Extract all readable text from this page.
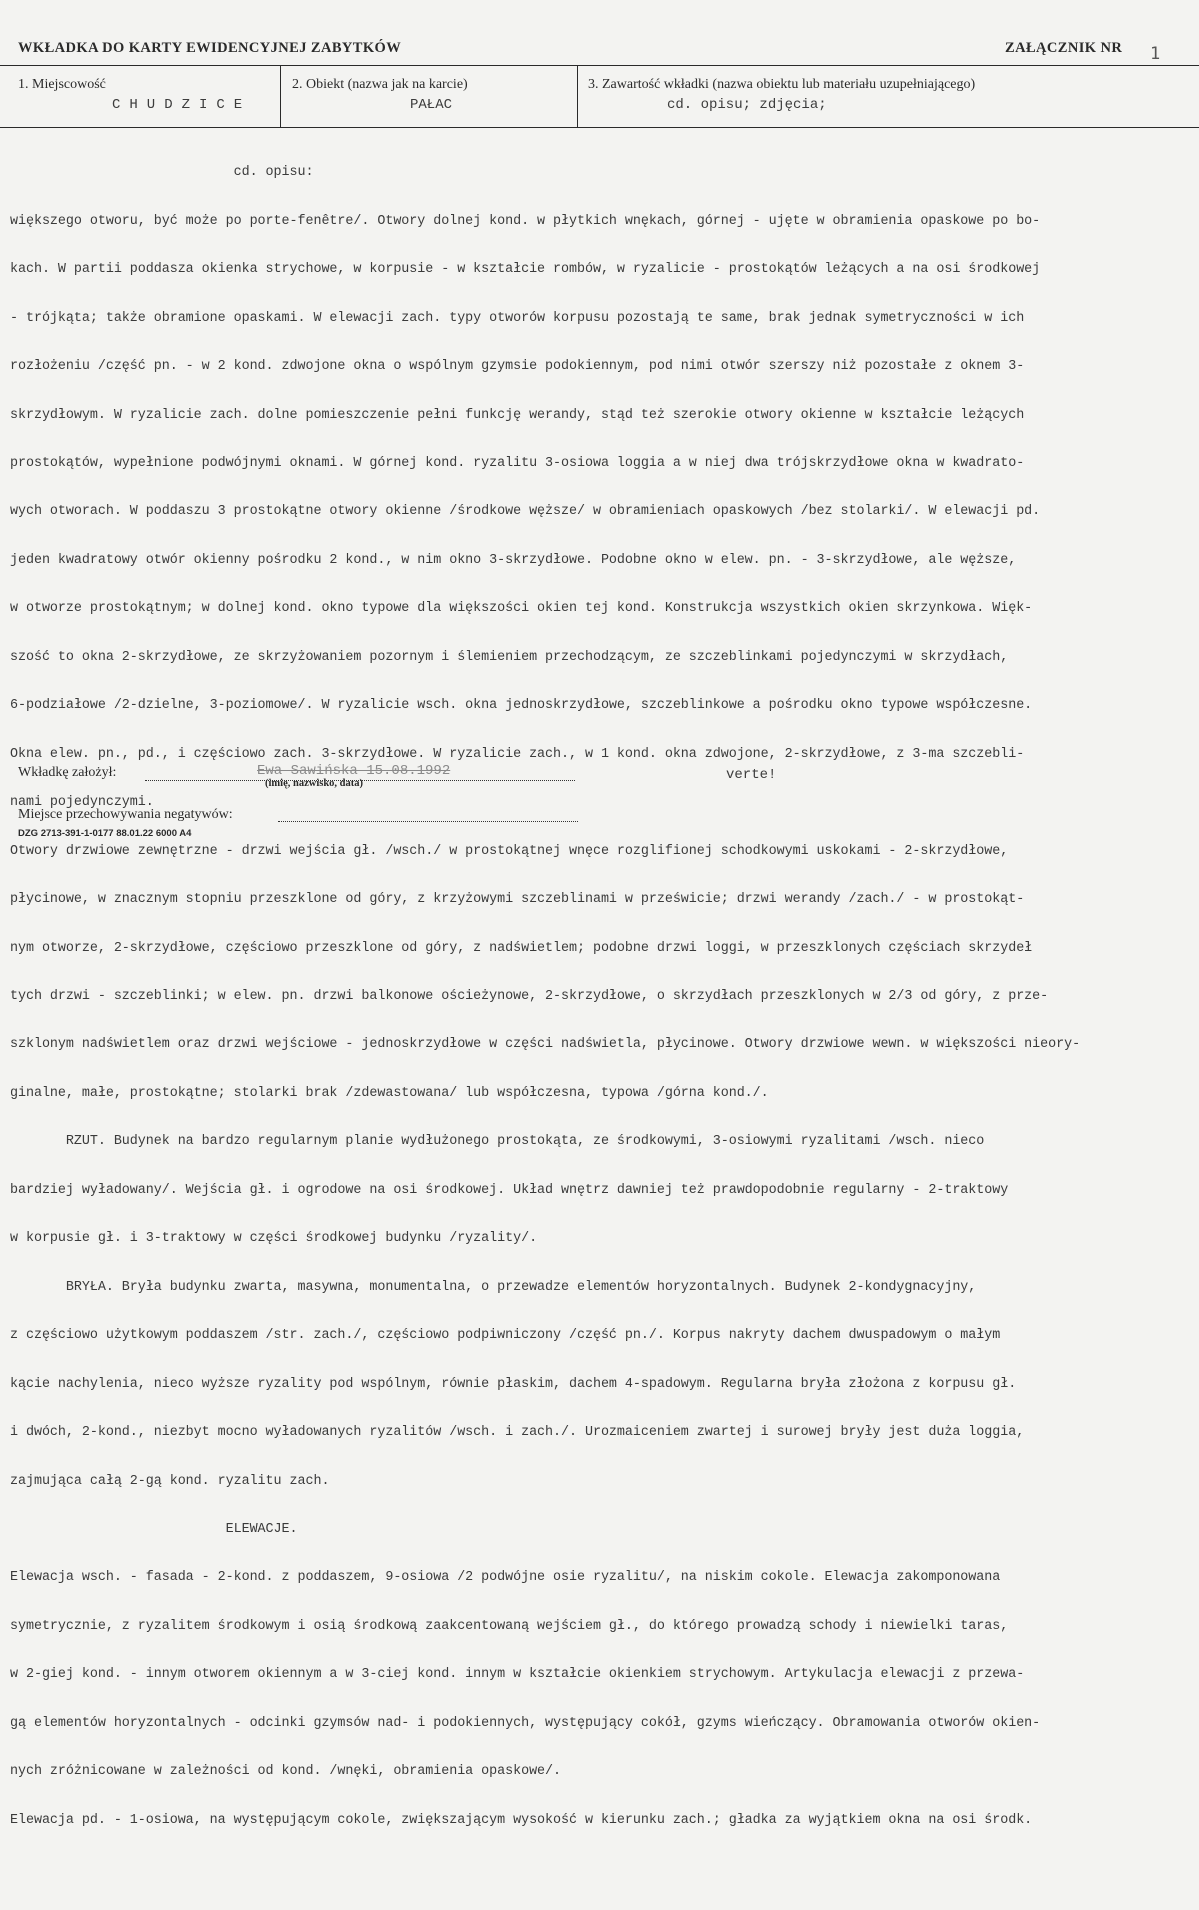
WKŁADKA DO KARTY EWIDENCYJNEJ ZABYTKÓW	ZAŁĄCZNIK NR 1
1. Miejscowość
CHUDZICE
2. Obiekt (nazwa jak na karcie)
PAŁAC
3. Zawartość wkładki (nazwa obiektu lub materiału uzupełniającego)
cd. opisu; zdjęcia;

cd. opisu:

większego otworu, być może po porte-fenêtre/. Otwory dolnej kond. w płytkich wnękach, górnej - ujęte w obramienia opaskowe po bo-

kach. W partii poddasza okienka strychowe, w korpusie - w kształcie rombów, w ryzalicie - prostokątów leżących a na osi środkowej

- trójkąta; także obramione opaskami. W elewacji zach. typy otworów korpusu pozostają te same, brak jednak symetryczności w ich

rozłożeniu /część pn. - w 2 kond. zdwojone okna o wspólnym gzymsie podokiennym, pod nimi otwór szerszy niż pozostałe z oknem 3-

skrzydłowym. W ryzalicie zach. dolne pomieszczenie pełni funkcję werandy, stąd też szerokie otwory okienne w kształcie leżących

prostokątów, wypełnione podwójnymi oknami. W górnej kond. ryzalitu 3-osiowa loggia a w niej dwa trójskrzydłowe okna w kwadrato-

wych otworach. W poddaszu 3 prostokątne otwory okienne /środkowe węższe/ w obramieniach opaskowych /bez stolarki/. W elewacji pd.

jeden kwadratowy otwór okienny pośrodku 2 kond., w nim okno 3-skrzydłowe. Podobne okno w elew. pn. - 3-skrzydłowe, ale węższe,

w otworze prostokątnym; w dolnej kond. okno typowe dla większości okien tej kond. Konstrukcja wszystkich okien skrzynkowa. Więk-

szość to okna 2-skrzydłowe, ze skrzyżowaniem pozornym i ślemieniem przechodzącym, ze szczeblinkami pojedynczymi w skrzydłach,

6-podziałowe /2-dzielne, 3-poziomowe/. W ryzalicie wsch. okna jednoskrzydłowe, szczeblinkowe a pośrodku okno typowe współczesne.

Okna elew. pn., pd., i częściowo zach. 3-skrzydłowe. W ryzalicie zach., w 1 kond. okna zdwojone, 2-skrzydłowe, z 3-ma szczebli-

nami pojedynczymi.

Otwory drzwiowe zewnętrzne - drzwi wejścia gł. /wsch./ w prostokątnej wnęce rozglifionej schodkowymi uskokami - 2-skrzydłowe,

płycinowe, w znacznym stopniu przeszklone od góry, z krzyżowymi szczeblinami w prześwicie; drzwi werandy /zach./ - w prostokąt-

nym otworze, 2-skrzydłowe, częściowo przeszklone od góry, z nadświetlem; podobne drzwi loggi, w przeszklonych częściach skrzydeł

tych drzwi - szczeblinki; w elew. pn. drzwi balkonowe ościeżynowe, 2-skrzydłowe, o skrzydłach przeszklonych w 2/3 od góry, z prze-

szklonym nadświetlem oraz drzwi wejściowe - jednoskrzydłowe w części nadświetla, płycinowe. Otwory drzwiowe wewn. w większości nieory-

ginalne, małe, prostokątne; stolarki brak /zdewastowana/ lub współczesna, typowa /górna kond./.

RZUT. Budynek na bardzo regularnym planie wydłużonego prostokąta, ze środkowymi, 3-osiowymi ryzalitami /wsch. nieco

bardziej wyładowany/. Wejścia gł. i ogrodowe na osi środkowej. Układ wnętrz dawniej też prawdopodobnie regularny - 2-traktowy

w korpusie gł. i 3-traktowy w części środkowej budynku /ryzality/.

BRYŁA. Bryła budynku zwarta, masywna, monumentalna, o przewadze elementów horyzontalnych. Budynek 2-kondygnacyjny,

z częściowo użytkowym poddaszem /str. zach./, częściowo podpiwniczony /część pn./. Korpus nakryty dachem dwuspadowym o małym

kącie nachylenia, nieco wyższe ryzality pod wspólnym, równie płaskim, dachem 4-spadowym. Regularna bryła złożona z korpusu gł.

i dwóch, 2-kond., niezbyt mocno wyładowanych ryzalitów /wsch. i zach./. Urozmaiceniem zwartej i surowej bryły jest duża loggia,

zajmująca całą 2-gą kond. ryzalitu zach.

ELEWACJE.

Elewacja wsch. - fasada - 2-kond. z poddaszem, 9-osiowa /2 podwójne osie ryzalitu/, na niskim cokole. Elewacja zakomponowana

symetrycznie, z ryzalitem środkowym i osią środkową zaakcentowaną wejściem gł., do którego prowadzą schody i niewielki taras,

w 2-giej kond. - innym otworem okiennym a w 3-ciej kond. innym w kształcie okienkiem strychowym. Artykulacja elewacji z przewa-

gą elementów horyzontalnych - odcinki gzymsów nad- i podokiennych, występujący cokół, gzyms wieńczący. Obramowania otworów okien-

nych zróżnicowane w zależności od kond. /wnęki, obramienia opaskowe/.

Elewacja pd. - 1-osiowa, na występującym cokole, zwiększającym wysokość w kierunku zach.; gładka za wyjątkiem okna na osi środk.

Wkładkę założył:	Ewa Sawińska 15.08.1992
(imię, nazwisko, data)
verte!
Miejsce przechowywania negatywów:
DZG 2713-391-1-0177 88.01.22 6000 A4
